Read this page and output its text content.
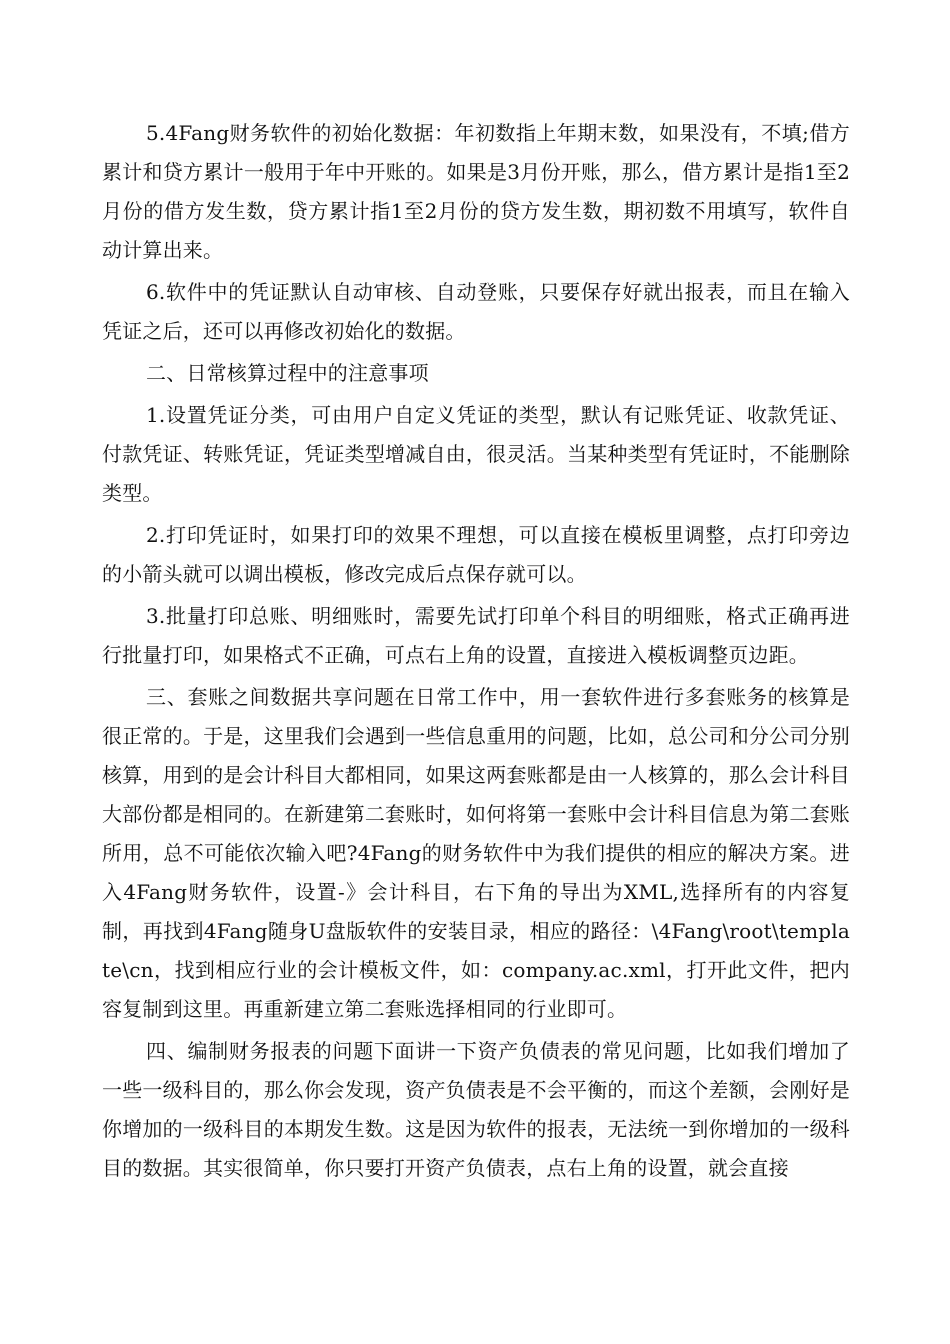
5.4Fang财务软件的初始化数据：年初数指上年期末数，如果没有，不填;借方累计和贷方累计一般用于年中开账的。如果是3月份开账，那么，借方累计是指1至2月份的借方发生数，贷方累计指1至2月份的贷方发生数，期初数不用填写，软件自动计算出来。

6.软件中的凭证默认自动审核、自动登账，只要保存好就出报表，而且在输入凭证之后，还可以再修改初始化的数据。

二、日常核算过程中的注意事项

1.设置凭证分类，可由用户自定义凭证的类型，默认有记账凭证、收款凭证、付款凭证、转账凭证，凭证类型增减自由，很灵活。当某种类型有凭证时，不能删除类型。

2.打印凭证时，如果打印的效果不理想，可以直接在模板里调整，点打印旁边的小箭头就可以调出模板，修改完成后点保存就可以。

3.批量打印总账、明细账时，需要先试打印单个科目的明细账，格式正确再进行批量打印，如果格式不正确，可点右上角的设置，直接进入模板调整页边距。

三、套账之间数据共享问题在日常工作中，用一套软件进行多套账务的核算是很正常的。于是，这里我们会遇到一些信息重用的问题，比如，总公司和分公司分别核算，用到的是会计科目大都相同，如果这两套账都是由一人核算的，那么会计科目大部份都是相同的。在新建第二套账时，如何将第一套账中会计科目信息为第二套账所用，总不可能依次输入吧?4Fang的财务软件中为我们提供的相应的解决方案。进入4Fang财务软件，设置-》会计科目，右下角的导出为XML,选择所有的内容复制，再找到4Fang随身U盘版软件的安装目录，相应的路径：\4Fang\root\template\cn，找到相应行业的会计模板文件，如：company.ac.xml，打开此文件，把内容复制到这里。再重新建立第二套账选择相同的行业即可。

四、编制财务报表的问题下面讲一下资产负债表的常见问题，比如我们增加了一些一级科目的，那么你会发现，资产负债表是不会平衡的，而这个差额，会刚好是你增加的一级科目的本期发生数。这是因为软件的报表，无法统一到你增加的一级科目的数据。其实很简单，你只要打开资产负债表，点右上角的设置，就会直接
